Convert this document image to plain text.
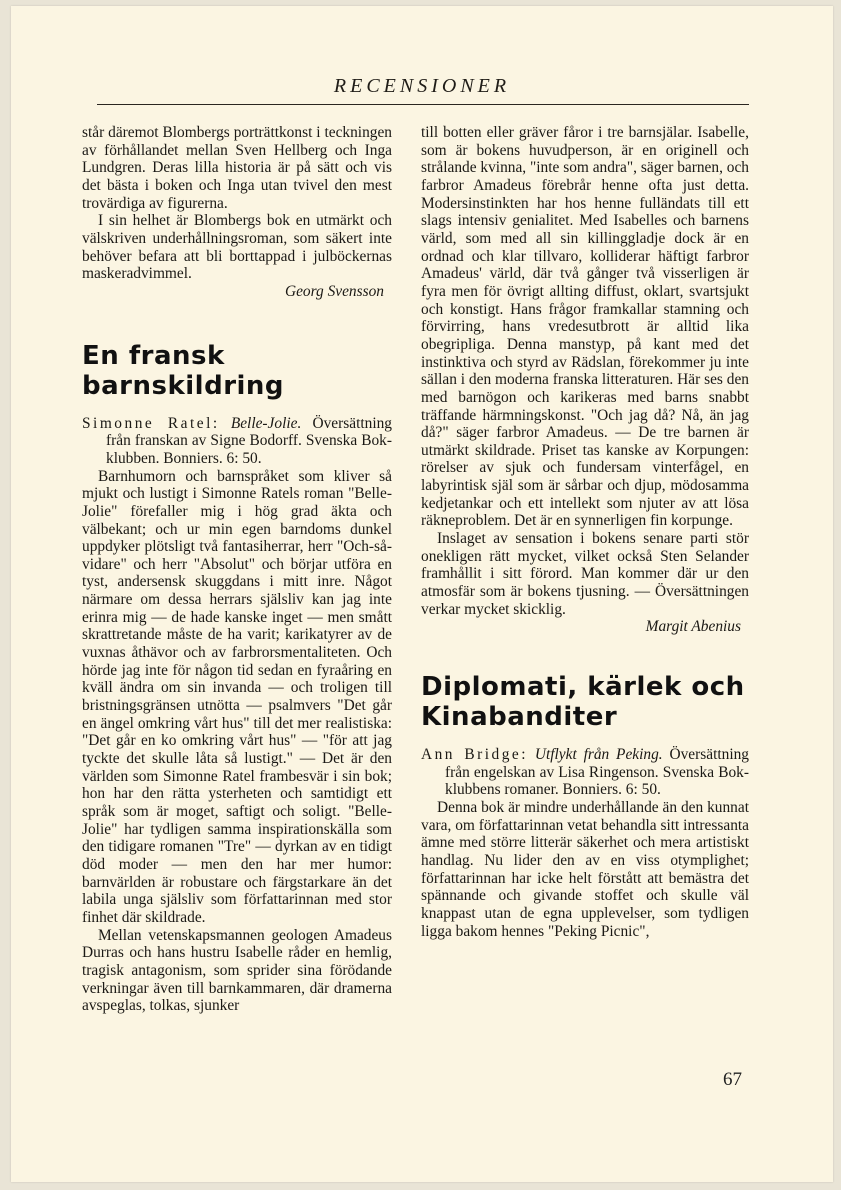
RECENSIONER

står däremot Blombergs porträttkonst i teckningen av förhållandet mellan Sven Hellberg och Inga Lundgren. Deras lilla historia är på sätt och vis det bästa i boken och Inga utan tvivel den mest trovärdiga av figurerna.

I sin helhet är Blombergs bok en utmärkt och välskriven underhållningsroman, som säkert inte behöver befara att bli borttappad i julböckernas maskeradvimmel.

Georg Svensson

En fransk
barnskildring

Simonne Ratel: Belle-Jolie. Översättning från franskan av Signe Bodorff. Svenska Bok-klubben. Bonniers. 6: 50.

Barnhumorn och barnspråket som kliver så mjukt och lustigt i Simonne Ratels roman "Belle-Jolie" förefaller mig i hög grad äkta och välbekant; och ur min egen barndoms dunkel uppdyker plötsligt två fantasiherrar, herr "Och-så-vidare" och herr "Absolut" och börjar utföra en tyst, andersensk skuggdans i mitt inre. Något närmare om dessa herrars själsliv kan jag inte erinra mig — de hade kanske inget — men smått skrattretande måste de ha varit; karikatyrer av de vuxnas åthävor och av farbrorsmentaliteten. Och hörde jag inte för någon tid sedan en fyraåring en kväll ändra om sin invanda — och troligen till bristningsgränsen utnötta — psalmvers "Det går en ängel omkring vårt hus" till det mer realistiska: "Det går en ko omkring vårt hus" — "för att jag tyckte det skulle låta så lustigt." — Det är den världen som Simonne Ratel frambesvär i sin bok; hon har den rätta ysterheten och samtidigt ett språk som är moget, saftigt och soligt. "Belle-Jolie" har tydligen samma inspirationskälla som den tidigare romanen "Tre" — dyrkan av en tidigt död moder — men den har mer humor: barnvärlden är robustare och färgstarkare än det labila unga själsliv som författarinnan med stor finhet där skildrade.

Mellan vetenskapsmannen geologen Amadeus Durras och hans hustru Isabelle råder en hemlig, tragisk antagonism, som sprider sina förödande verkningar även till barnkammaren, där dramerna avspeglas, tolkas, sjunker

till botten eller gräver fåror i tre barnsjälar. Isabelle, som är bokens huvudperson, är en originell och strålande kvinna, "inte som andra", säger barnen, och farbror Amadeus förebrår henne ofta just detta. Modersinstinkten har hos henne fulländats till ett slags intensiv genialitet. Med Isabelles och barnens värld, som med all sin killinggladje dock är en ordnad och klar tillvaro, kolliderar häftigt farbror Amadeus' värld, där två gånger två visserligen är fyra men för övrigt allting diffust, oklart, svartsjukt och konstigt. Hans frågor framkallar stamning och förvirring, hans vredesutbrott är alltid lika obegripliga. Denna manstyp, på kant med det instinktiva och styrd av Rädslan, förekommer ju inte sällan i den moderna franska litteraturen. Här ses den med barnögon och karikeras med barns snabbt träffande härmningskonst. "Och jag då? Nå, än jag då?" säger farbror Amadeus. — De tre barnen är utmärkt skildrade. Priset tas kanske av Korpungen: rörelser av sjuk och fundersam vinterfågel, en labyrintisk själ som är sårbar och djup, mödosamma kedjetankar och ett intellekt som njuter av att lösa räkneproblem. Det är en synnerligen fin korpunge.

Inslaget av sensation i bokens senare parti stör onekligen rätt mycket, vilket också Sten Selander framhållit i sitt förord. Man kommer där ur den atmosfär som är bokens tjusning. — Översättningen verkar mycket skicklig.

Margit Abenius

Diplomati, kärlek och
Kinabanditer

Ann Bridge: Utflykt från Peking. Översättning från engelskan av Lisa Ringenson. Svenska Bok-klubbens romaner. Bonniers. 6: 50.

Denna bok är mindre underhållande än den kunnat vara, om författarinnan vetat behandla sitt intressanta ämne med större litterär säkerhet och mera artistiskt handlag. Nu lider den av en viss otymplighet; författarinnan har icke helt förstått att bemästra det spännande och givande stoffet och skulle väl knappast utan de egna upplevelser, som tydligen ligga bakom hennes "Peking Picnic",

67
